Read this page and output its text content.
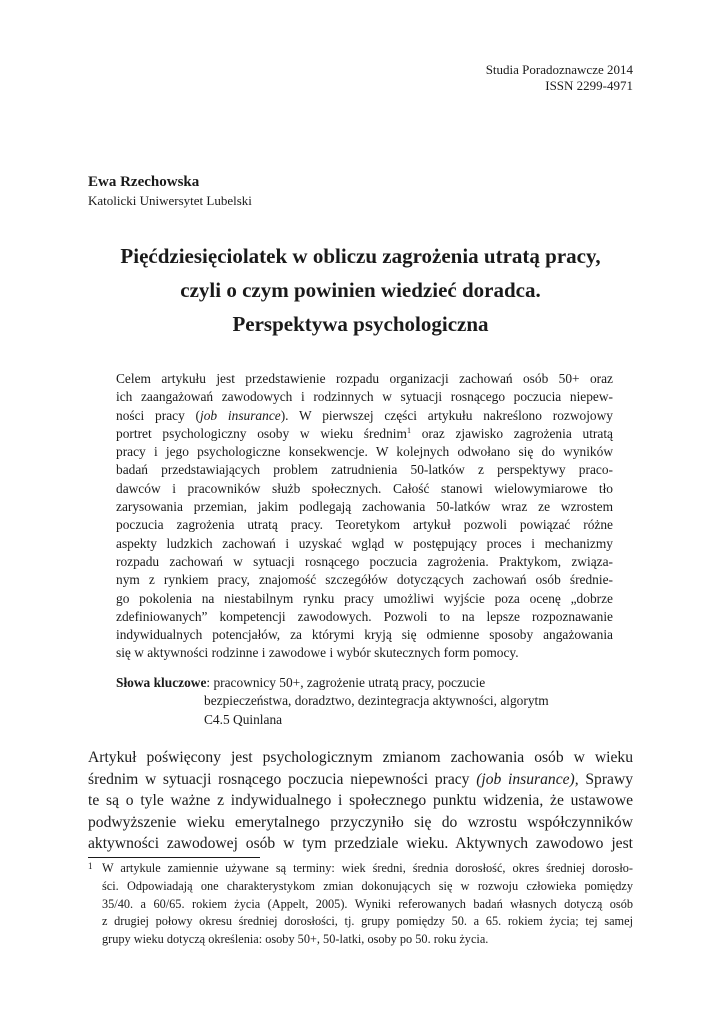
Studia Poradoznawcze 2014
ISSN 2299-4971
Ewa Rzechowska
Katolicki Uniwersytet Lubelski
Pięćdziesięciolatek w obliczu zagrożenia utratą pracy,
czyli o czym powinien wiedzieć doradca.
Perspektywa psychologiczna
Celem artykułu jest przedstawienie rozpadu organizacji zachowań osób 50+ oraz
ich zaangażowań zawodowych i rodzinnych w sytuacji rosnącego poczucia niepew-
ności pracy (job insurance). W pierwszej części artykułu nakreślono rozwojowy
portret psychologiczny osoby w wieku średnim$^1$ oraz zjawisko zagrożenia utratą
pracy i jego psychologiczne konsekwencje. W kolejnych odwołano się do wyników
badań przedstawiających problem zatrudnienia 50-latków z perspektywy praco-
dawców i pracowników służb społecznych. Całość stanowi wielowymiarowe tło
zarysowania przemian, jakim podlegają zachowania 50-latków wraz ze wzrostem
poczucia zagrożenia utratą pracy. Teoretykom artykuł pozwoli powiązać różne
aspekty ludzkich zachowań i uzyskać wgląd w postępujący proces i mechanizmy
rozpadu zachowań w sytuacji rosnącego poczucia zagrożenia. Praktykom, związa-
nym z rynkiem pracy, znajomość szczegółów dotyczących zachowań osób średnie-
go pokolenia na niestabilnym rynku pracy umożliwi wyjście poza ocenę „dobrze
zdefiniowanych” kompetencji zawodowych. Pozwoli to na lepsze rozpoznawanie
indywidualnych potencjałów, za którymi kryją się odmienne sposoby angażowania
się w aktywności rodzinne i zawodowe i wybór skutecznych form pomocy.
Słowa kluczowe : pracownicy 50+, zagrożenie utratą pracy, poczucie
bezpieczeństwa, doradztwo, dezintegracja aktywności, algorytm
C4.5 Quinlana
Artykuł poświęcony jest psychologicznym zmianom zachowania osób w wieku
średnim w sytuacji rosnącego poczucia niepewności pracy (job insurance), Sprawy
te są o tyle ważne z indywidualnego i społecznego punktu widzenia, że ustawowe
podwyższenie wieku emerytalnego przyczyniło się do wzrostu współczynników
aktywności zawodowej osób w tym przedziale wieku. Aktywnych zawodowo jest
1 W artykule zamiennie używane są terminy: wiek średni, średnia dorosłość, okres średniej dorosło-
ści. Odpowiadają one charakterystykom zmian dokonujących się w rozwoju człowieka pomiędzy
35/40. a 60/65. rokiem życia (Appelt, 2005). Wyniki referowanych badań własnych dotyczą osób
z drugiej połowy okresu średniej dorosłości, tj. grupy pomiędzy 50. a 65. rokiem życia; tej samej
grupy wieku dotyczą określenia: osoby 50+, 50-latki, osoby po 50. roku życia.
